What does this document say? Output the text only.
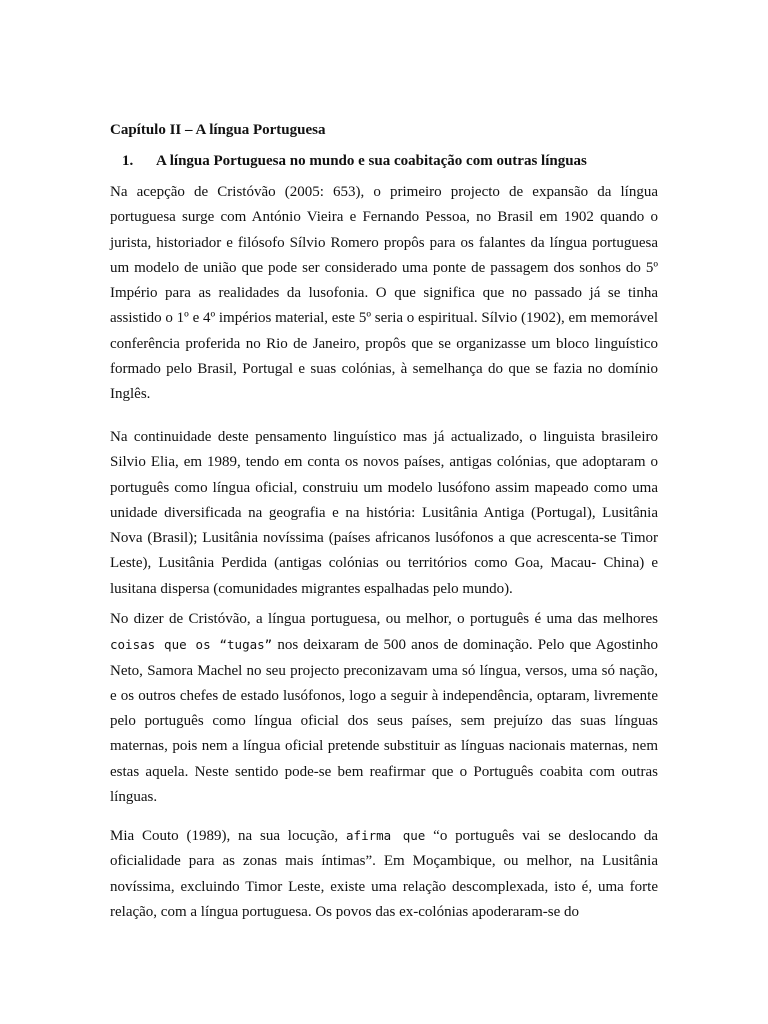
Capítulo II – A língua Portuguesa

1. A língua Portuguesa no mundo e sua coabitação com outras línguas

Na acepção de Cristóvão (2005: 653), o primeiro projecto de expansão da língua portuguesa surge com António Vieira e Fernando Pessoa, no Brasil em 1902 quando o jurista, historiador e filósofo Sílvio Romero propôs para os falantes da língua portuguesa um modelo de união que pode ser considerado uma ponte de passagem dos sonhos do 5º Império para as realidades da lusofonia. O que significa que no passado já se tinha assistido o 1º e 4º impérios material, este 5º seria o espiritual. Sílvio (1902), em memorável conferência proferida no Rio de Janeiro, propôs que se organizasse um bloco linguístico formado pelo Brasil, Portugal e suas colónias, à semelhança do que se fazia no domínio Inglês.

Na continuidade deste pensamento linguístico mas já actualizado, o linguista brasileiro Silvio Elia, em 1989, tendo em conta os novos países, antigas colónias, que adoptaram o português como língua oficial, construiu um modelo lusófono assim mapeado como uma unidade diversificada na geografia e na história: Lusitânia Antiga (Portugal), Lusitânia Nova (Brasil); Lusitânia novíssima (países africanos lusófonos a que acrescenta-se Timor Leste), Lusitânia Perdida (antigas colónias ou territórios como Goa, Macau- China) e lusitana dispersa (comunidades migrantes espalhadas pelo mundo).

No dizer de Cristóvão, a língua portuguesa, ou melhor, o português é uma das melhores coisas que os “tugas” nos deixaram de 500 anos de dominação. Pelo que Agostinho Neto, Samora Machel no seu projecto preconizavam uma só língua, versos, uma só nação, e os outros chefes de estado lusófonos, logo a seguir à independência, optaram, livremente pelo português como língua oficial dos seus países, sem prejuízo das suas línguas maternas, pois nem a língua oficial pretende substituir as línguas nacionais maternas, nem estas aquela. Neste sentido pode-se bem reafirmar que o Português coabita com outras línguas.

Mia Couto (1989), na sua locução, afirma que “o português vai se deslocando da oficialidade para as zonas mais íntimas”. Em Moçambique, ou melhor, na Lusitânia novíssima, excluindo Timor Leste, existe uma relação descomplexada, isto é, uma forte relação, com a língua portuguesa. Os povos das ex-colónias apoderaram-se do
